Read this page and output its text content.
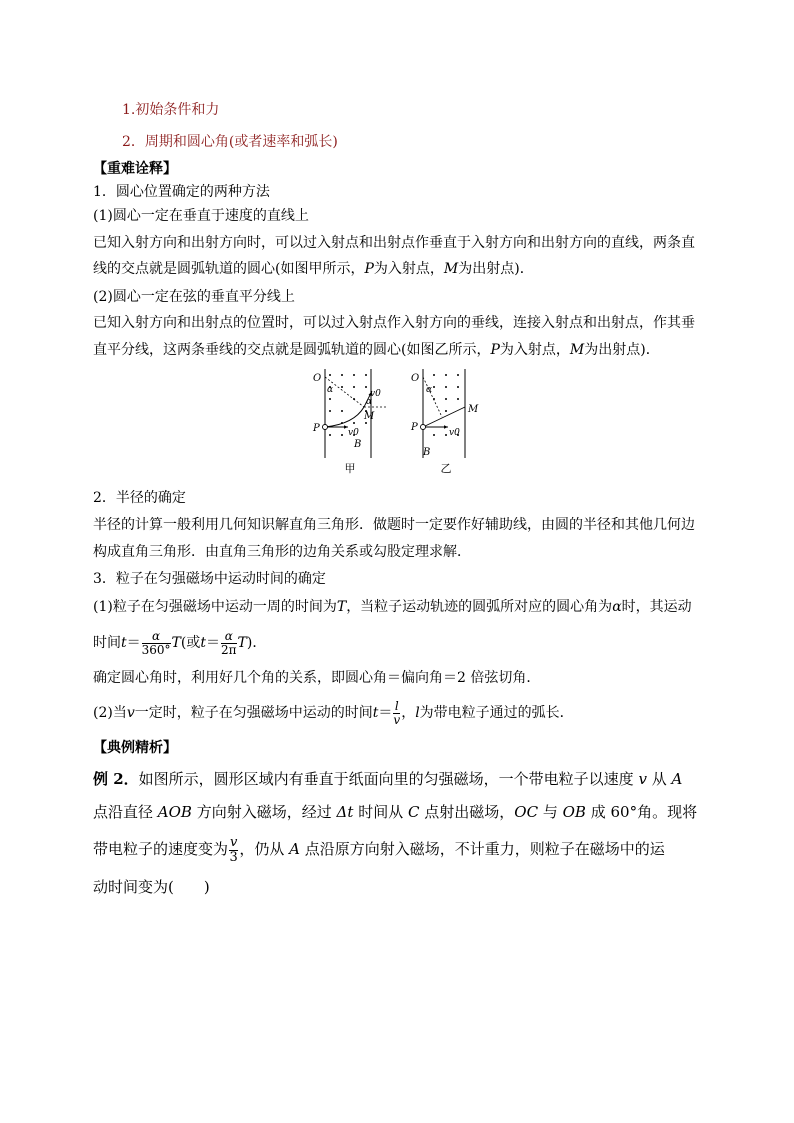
1.初始条件和力
2．周期和圆心角(或者速率和弧长)
【重难诠释】
1．圆心位置确定的两种方法
(1)圆心一定在垂直于速度的直线上
已知入射方向和出射方向时，可以过入射点和出射点作垂直于入射方向和出射方向的直线，两条直
线的交点就是圆弧轨道的圆心(如图甲所示，P为入射点，M为出射点)．
(2)圆心一定在弦的垂直平分线上
已知入射方向和出射点的位置时，可以过入射点作入射方向的垂线，连接入射点和出射点，作其垂
直平分线，这两条垂线的交点就是圆弧轨道的圆心(如图乙所示，P为入射点，M为出射点)．
O
α	v0
α
M
P	v0
B
甲
O
α
M
P	v0
B
乙
2．半径的确定
半径的计算一般利用几何知识解直角三角形．做题时一定要作好辅助线，由圆的半径和其他几何边
构成直角三角形．由直角三角形的边角关系或勾股定理求解．
3．粒子在匀强磁场中运动时间的确定
(1)粒子在匀强磁场中运动一周的时间为T，当粒子运动轨迹的圆弧所对应的圆心角为α时，其运动
时间$t= \frac{\alpha}{360^\circ} T$(或$t= \frac{\alpha}{2\pi} T$)．
确定圆心角时，利用好几个角的关系，即圆心角＝偏向角＝2 倍弦切角．
(2)当v一定时，粒子在匀强磁场中运动的时间$t= \frac{l}{v}$ ，l为带电粒子通过的弧长．
【典例精析】
例 2．如图所示，圆形区域内有垂直于纸面向里的匀强磁场，一个带电粒子以速度 v 从 A
点沿直径 AOB 方向射入磁场，经过 Δt 时间从 C 点射出磁场，OC 与 OB 成 60°角。现将
带电粒子的速度变为 $\frac{v}{3}$ ，仍从 A 点沿原方向射入磁场，不计重力，则粒子在磁场中的运
动时间变为(　　)
